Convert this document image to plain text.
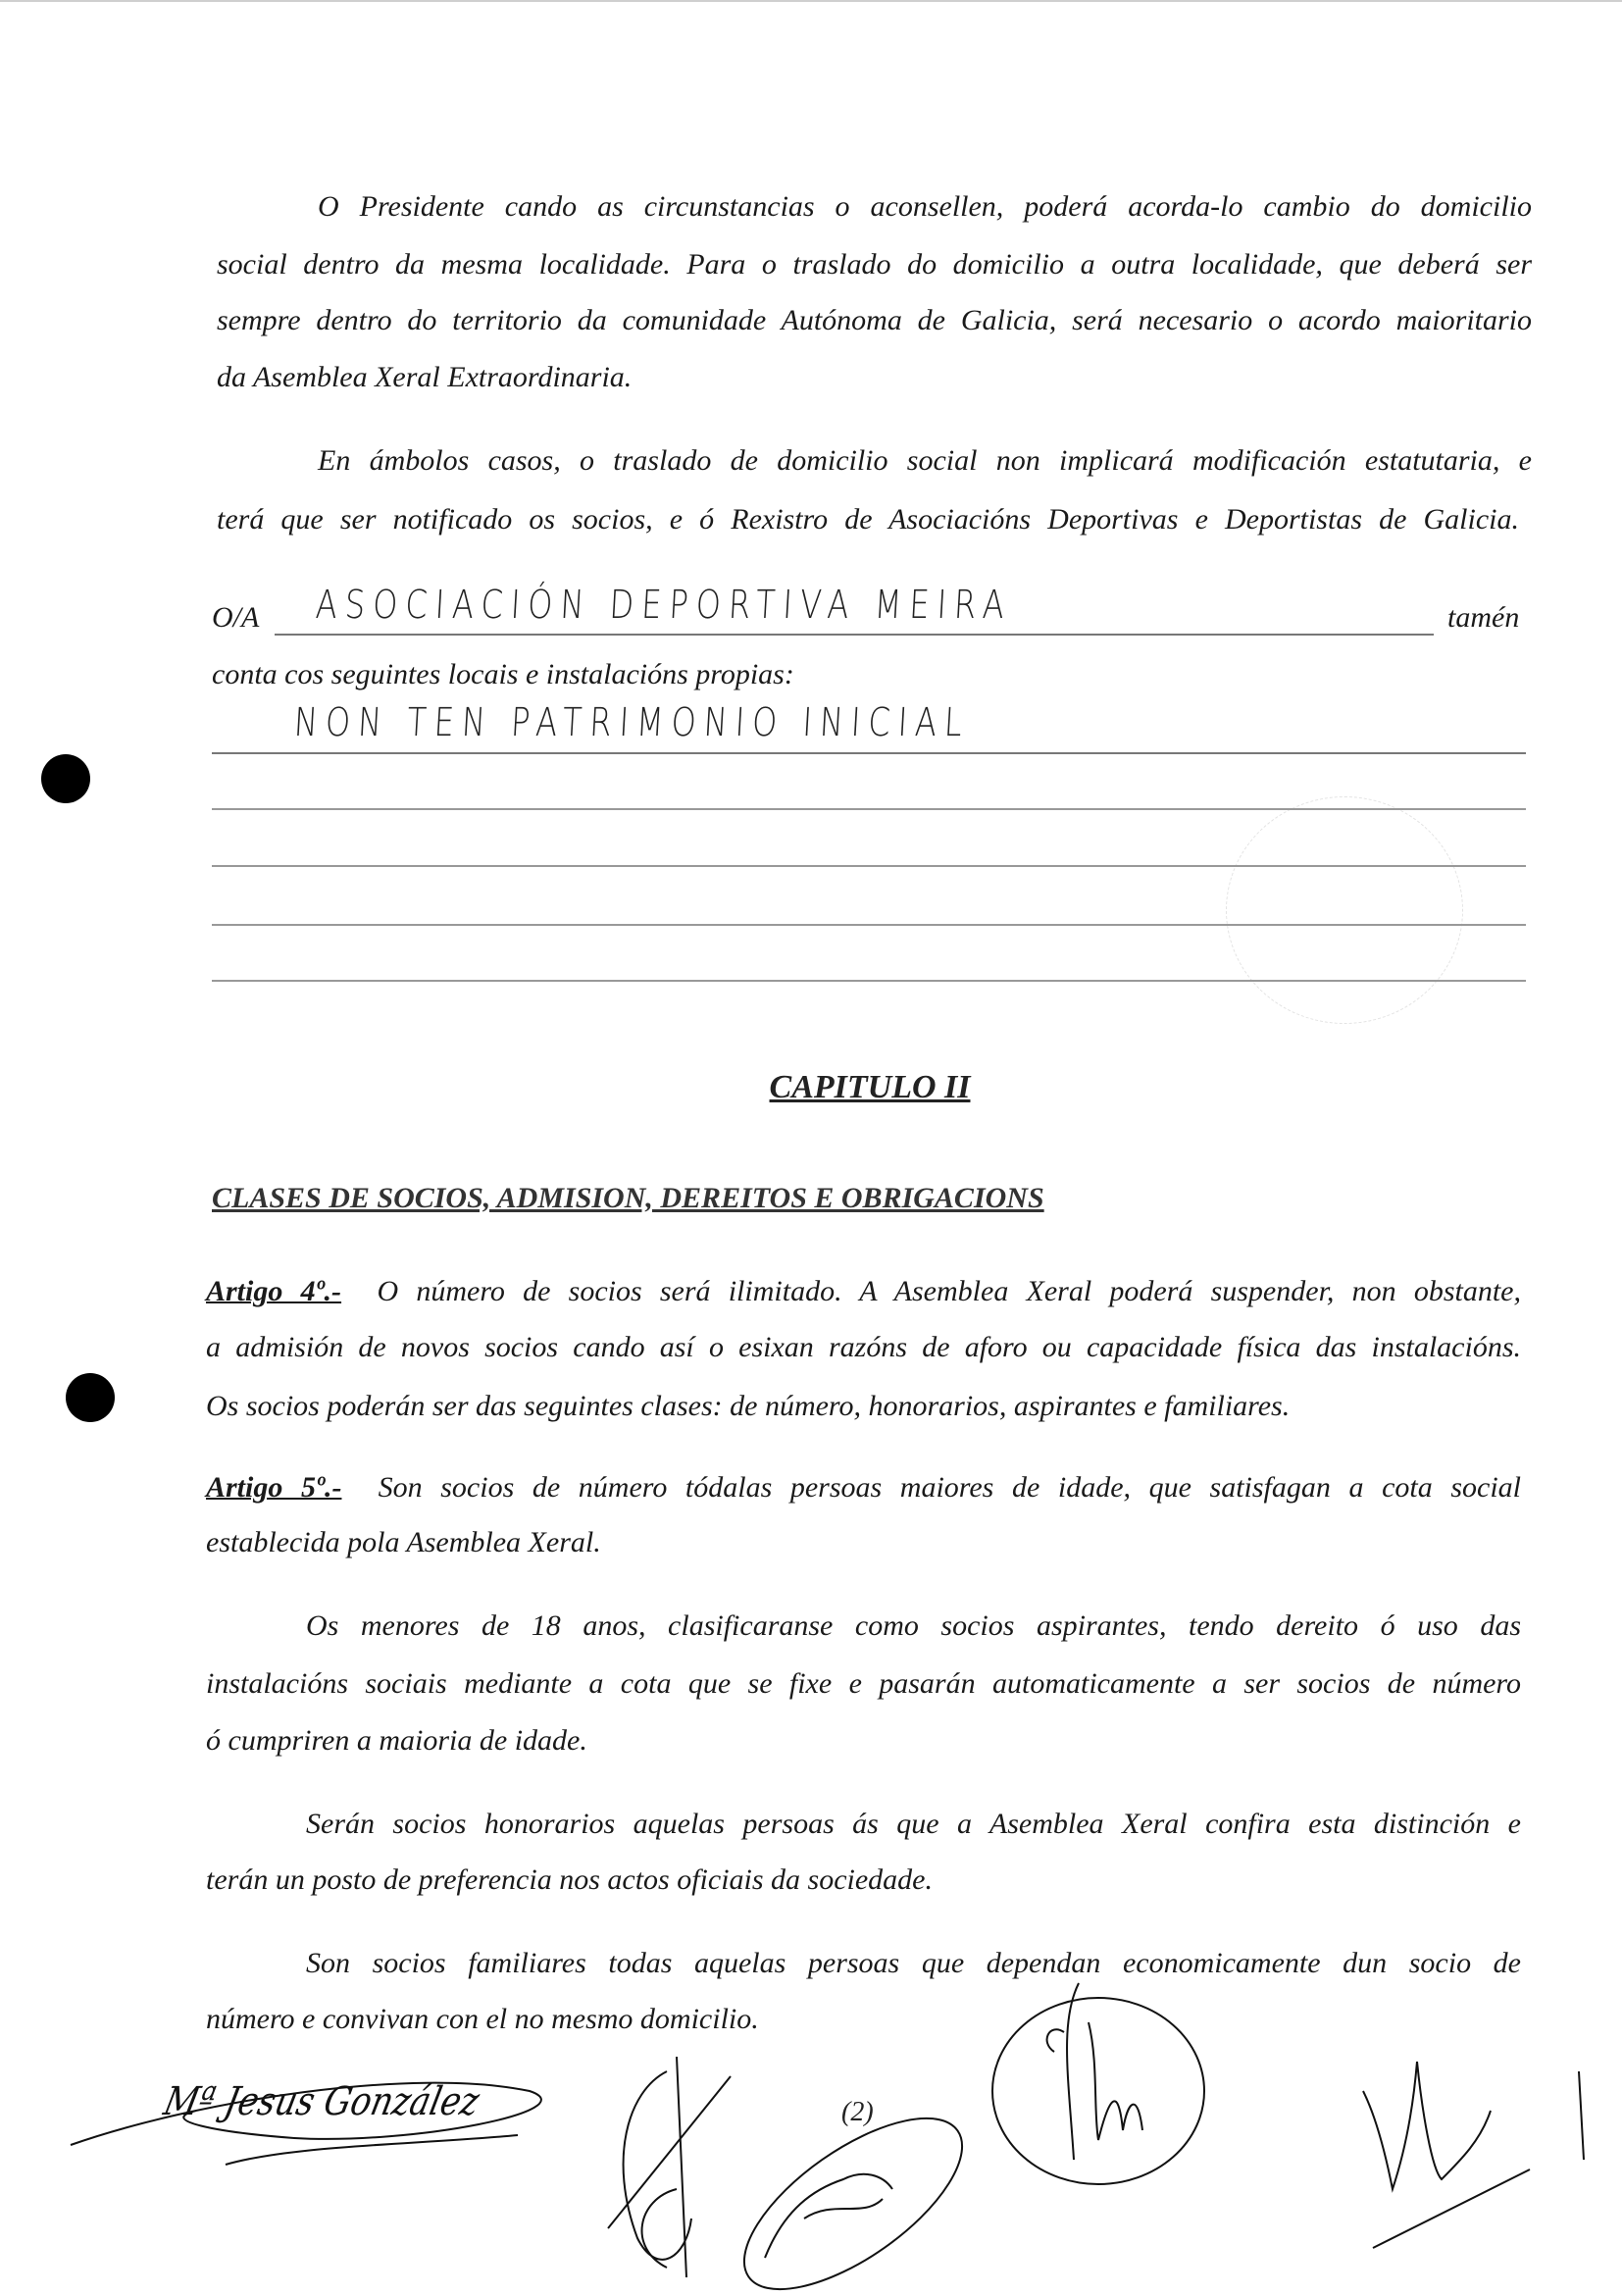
O Presidente cando as circunstancias o aconsellen, poderá acorda-lo cambio do domicilio
social dentro da mesma localidade. Para o traslado do domicilio a outra localidade, que deberá ser
sempre dentro do territorio da comunidade Autónoma de Galicia, será necesario o acordo maioritario
da Asemblea Xeral Extraordinaria.
En ámbolos casos, o traslado de domicilio social non implicará modificación estatutaria, e
terá que ser notificado os socios, e ó Rexistro de Asociacións Deportivas e Deportistas de Galicia.
O/A ASOCIACIÓN DEPORTIVA MEIRA	tamén
conta cos seguintes locais e instalacións propias:
NON TEN PATRIMONIO INICIAL
CAPITULO II
CLASES DE SOCIOS, ADMISION, DEREITOS E OBRIGACIONS
Artigo 4º.- O número de socios será ilimitado. A Asemblea Xeral poderá suspender, non obstante,
a admisión de novos socios cando así o esixan razóns de aforo ou capacidade física das instalacións.
Os socios poderán ser das seguintes clases: de número, honorarios, aspirantes e familiares.
Artigo 5º.- Son socios de número tódalas persoas maiores de idade, que satisfagan a cota social
establecida pola Asemblea Xeral.
Os menores de 18 anos, clasificaranse como socios aspirantes, tendo dereito ó uso das
instalacións sociais mediante a cota que se fixe e pasarán automaticamente a ser socios de número
ó cumpriren a maioria de idade.
Serán socios honorarios aquelas persoas ás que a Asemblea Xeral confira esta distinción e
terán un posto de preferencia nos actos oficiais da sociedade.
Son socios familiares todas aquelas persoas que dependan economicamente dun socio de
número e convivan con el no mesmo domicilio.
(2)
Mª Jesus González
